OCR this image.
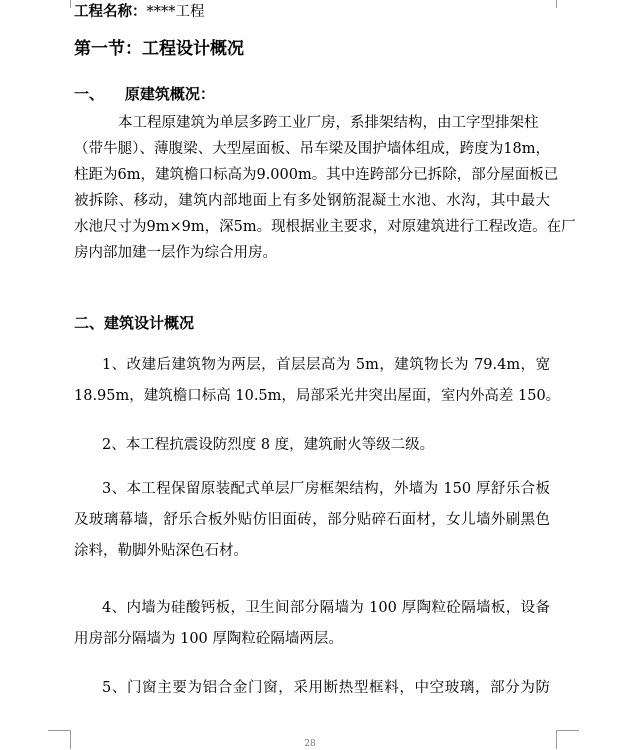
工程名称：****工程
第一节：工程设计概况
一、    原建筑概况：
本工程原建筑为单层多跨工业厂房，系排架结构，由工字型排架柱
（带牛腿）、薄腹梁、大型屋面板、吊车梁及围护墙体组成，跨度为18m，
柱距为6m，建筑檐口标高为9.000m。其中连跨部分已拆除，部分屋面板已
被拆除、移动，建筑内部地面上有多处钢筋混凝土水池、水沟，其中最大
水池尺寸为9m×9m，深5m。现根据业主要求，对原建筑进行工程改造。在厂
房内部加建一层作为综合用房。
二、建筑设计概况
1、改建后建筑物为两层，首层层高为 5m，建筑物长为 79.4m，宽
18.95m，建筑檐口标高 10.5m，局部采光井突出屋面，室内外高差 150。
2、本工程抗震设防烈度 8 度，建筑耐火等级二级。
3、本工程保留原装配式单层厂房框架结构，外墙为 150 厚舒乐合板
及玻璃幕墙，舒乐合板外贴仿旧面砖，部分贴碎石面材，女儿墙外刷黑色
涂料，勒脚外贴深色石材。
4、内墙为硅酸钙板，卫生间部分隔墙为 100 厚陶粒砼隔墙板，设备
用房部分隔墙为 100 厚陶粒砼隔墙两层。
5、门窗主要为铝合金门窗，采用断热型框料，中空玻璃，部分为防
28
